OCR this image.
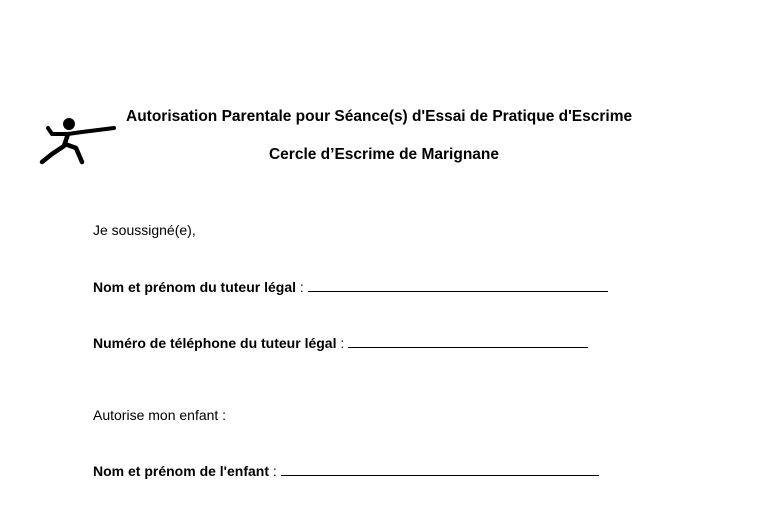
Autorisation Parentale pour Séance(s) d'Essai de Pratique d'Escrime
Cercle d’Escrime de Marignane
Je soussigné(e),
Nom et prénom du tuteur légal :
Numéro de téléphone du tuteur légal :
Autorise mon enfant :
Nom et prénom de l'enfant :
